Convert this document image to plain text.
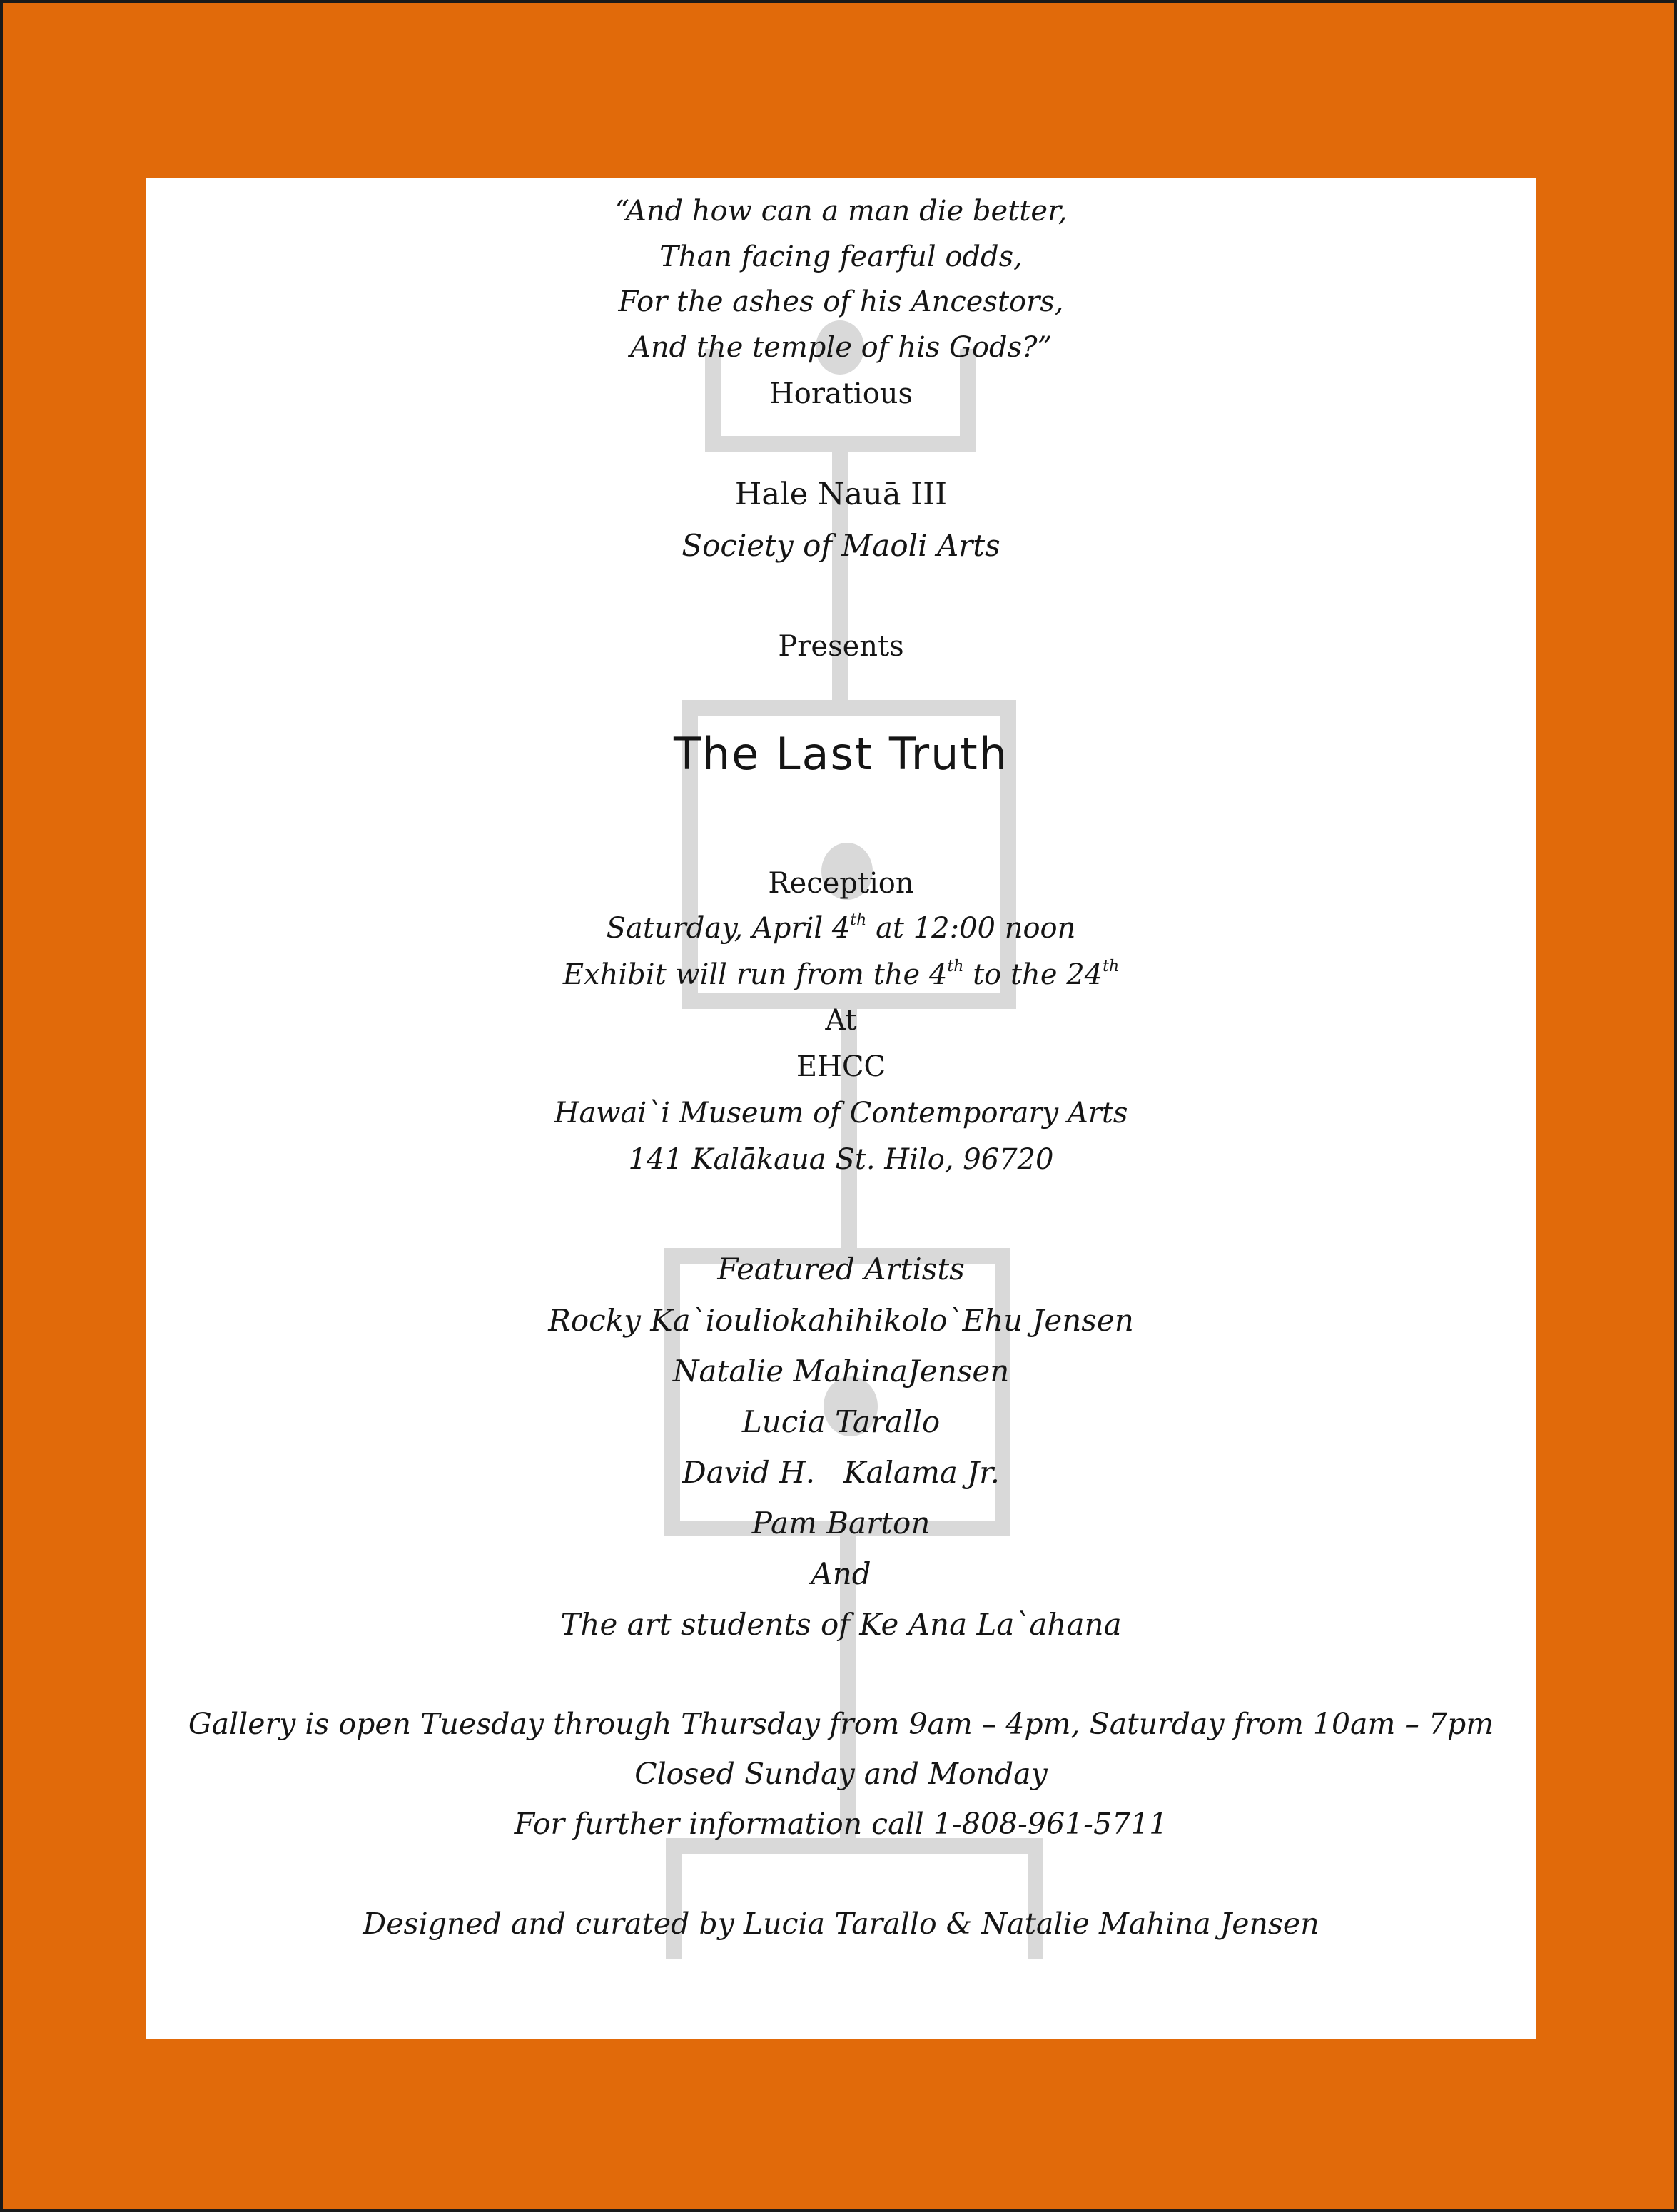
“And how can a man die better,
Than facing fearful odds,
For the ashes of his Ancestors,
And the temple of his Gods?”
Horatious
Hale Nauā III
Society of Maoli Arts
Presents
The Last Truth
Reception
Saturday, April 4th at 12:00 noon
Exhibit will run from the 4th to the 24th
At
EHCC
Hawai`i Museum of Contemporary Arts
141 Kalākaua St. Hilo, 96720
Featured Artists
Rocky Ka`iouliokahihikolo`Ehu Jensen
Natalie MahinaJensen
Lucia Tarallo
David H.   Kalama Jr.
Pam Barton
And
The art students of Ke Ana La`ahana
Gallery is open Tuesday through Thursday from 9am – 4pm, Saturday from 10am – 7pm
Closed Sunday and Monday
For further information call 1-808-961-5711
Designed and curated by Lucia Tarallo & Natalie Mahina Jensen
